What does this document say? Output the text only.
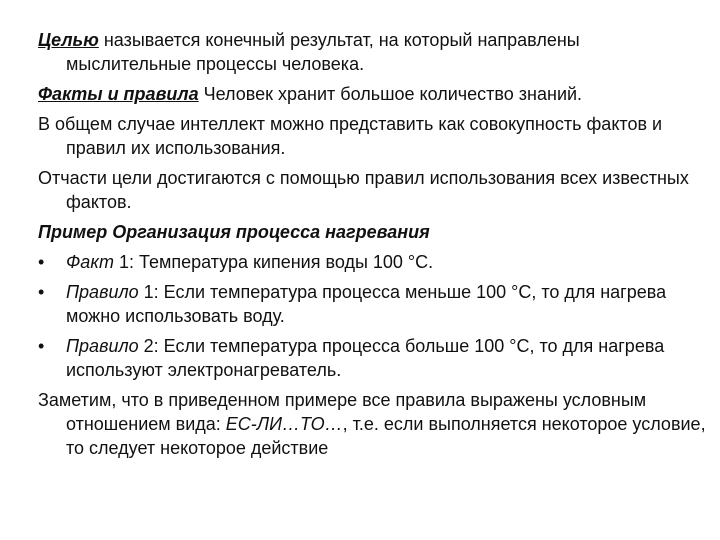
Целью называется конечный результат, на который направлены мыслительные процессы человека.

Факты и правила Человек хранит большое количество знаний.

В общем случае интеллект можно представить как совокупность фактов и правил их использования.

Отчасти цели достигаются с помощью правил использования всех известных фактов.

Пример Организация процесса нагревания

•	Факт 1: Температура кипения воды 100 °С.
•	Правило 1: Если температура процесса меньше 100 °С, то для нагрева можно использовать воду.
•	Правило 2: Если температура процесса больше 100 °С, то для нагрева используют электронагреватель.

Заметим, что в приведенном примере все правила выражены условным отношением вида: ЕС-ЛИ…ТО…, т.е. если выполняется некоторое условие, то следует некоторое действие
